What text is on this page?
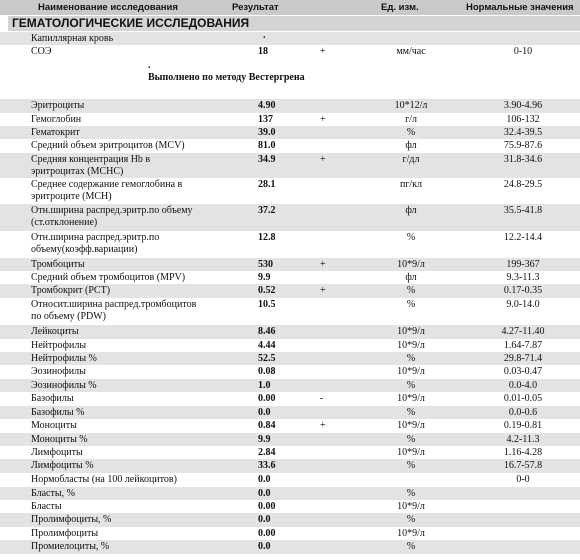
Наименование исследования	Результат	Ед. изм.	Нормальные значения
ГЕМАТОЛОГИЧЕСКИЕ ИССЛЕДОВАНИЯ
Капиллярная кровь	.
СОЭ	18	+	мм/час	0-10
.
Выполнено по методу Вестергрена
Эритроциты	4.90	10*12/л	3.90-4.96
Гемоглобин	137	+	г/л	106-132
Гематокрит	39.0	%	32.4-39.5
Средний объем эритроцитов (MCV)	81.0	фл	75.9-87.6
Средняя концентрация Hb в
эритроцитах (MCHC)
34.9	+	г/дл	31.8-34.6
Среднее содержание гемоглобина в
эритроците (MCH)
28.1	пг/кл	24.8-29.5
Отн.ширина распред.эритр.по объему
(ст.отклонение)
37.2	фл	35.5-41.8
Отн.ширина распред.эритр.по
объему(коэфф.вариации)
12.8	%	12.2-14.4
Тромбоциты	530	+	10*9/л	199-367
Средний объем тромбоцитов (MPV)	9.9	фл	9.3-11.3
Тромбокрит (PCT)	0.52	+	%	0.17-0.35
Относит.ширина распред.тромбоцитов
по объему (PDW)
10.5	%	9.0-14.0
Лейкоциты	8.46	10*9/л	4.27-11.40
Нейтрофилы	4.44	10*9/л	1.64-7.87
Нейтрофилы %	52.5	%	29.8-71.4
Эозинофилы	0.08	10*9/л	0.03-0.47
Эозинофилы %	1.0	%	0.0-4.0
Базофилы	0.00	-	10*9/л	0.01-0.05
Базофилы %	0.0	%	0.0-0.6
Моноциты	0.84	+	10*9/л	0.19-0.81
Моноциты %	9.9	%	4.2-11.3
Лимфоциты	2.84	10*9/л	1.16-4.28
Лимфоциты %	33.6	%	16.7-57.8
Нормобласты (на 100 лейкоцитов)	0.0	0-0
Бласты, %	0.0	%
Бласты	0.00	10*9/л
Пролимфоциты, %	0.0	%
Пролимфоциты	0.00	10*9/л
Промиелоциты, %	0.0	%
